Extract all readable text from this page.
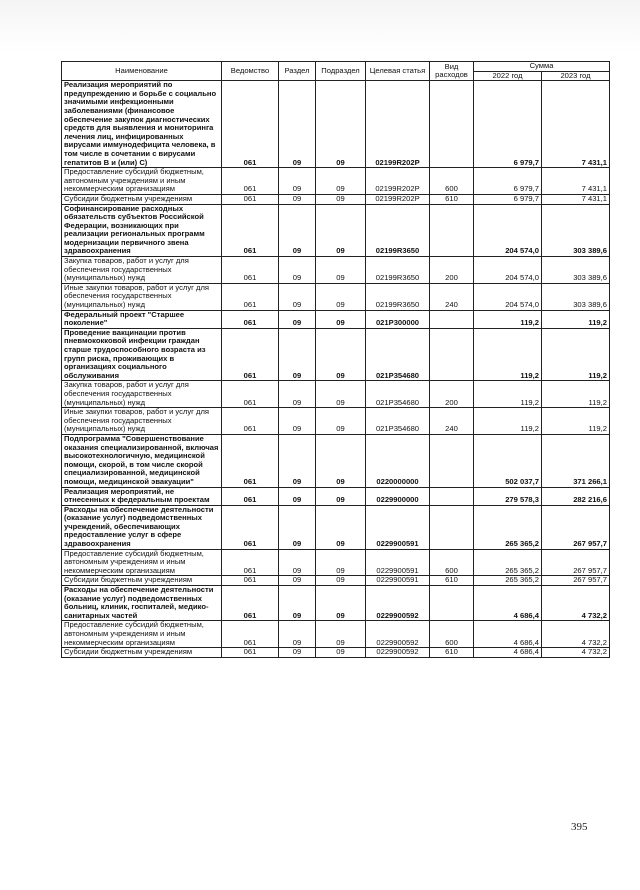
Наименование	Ведомство	Раздел	Подраздел	Целевая статья	Вид расходов	Сумма	
						2022 год	2023 год
Реализация мероприятий по предупреждению и борьбе с социально значимыми инфекционными заболеваниями (финансовое обеспечение закупок диагностических средств для выявления и мониторинга лечения лиц, инфицированных вирусами иммунодефицита человека, в том числе в сочетании с вирусами гепатитов В и (или) С)	061	09	09	02199R202P		6 979,7	7 431,1
Предоставление субсидий бюджетным, автономным учреждениям и иным некоммерческим организациям	061	09	09	02199R202P	600	6 979,7	7 431,1
Субсидии бюджетным учреждениям	061	09	09	02199R202P	610	6 979,7	7 431,1
Софинансирование расходных обязательств субъектов Российской Федерации, возникающих при реализации региональных программ модернизации первичного звена здравоохранения	061	09	09	02199R3650		204 574,0	303 389,6
Закупка товаров, работ и услуг для обеспечения государственных (муниципальных) нужд	061	09	09	02199R3650	200	204 574,0	303 389,6
Иные закупки товаров, работ и услуг для обеспечения государственных (муниципальных) нужд	061	09	09	02199R3650	240	204 574,0	303 389,6
Федеральный проект "Старшее поколение"	061	09	09	021P300000		119,2	119,2
Проведение вакцинации против пневмококковой инфекции граждан старше трудоспособного возраста из групп риска, проживающих в организациях социального обслуживания	061	09	09	021P354680		119,2	119,2
Закупка товаров, работ и услуг для обеспечения государственных (муниципальных) нужд	061	09	09	021P354680	200	119,2	119,2
Иные закупки товаров, работ и услуг для обеспечения государственных (муниципальных) нужд	061	09	09	021P354680	240	119,2	119,2
Подпрограмма "Совершенствование оказания специализированной, включая высокотехнологичную, медицинской помощи, скорой, в том числе скорой специализированной, медицинской помощи, медицинской эвакуации"	061	09	09	0220000000		502 037,7	371 266,1
Реализация мероприятий, не отнесенных к федеральным проектам	061	09	09	0229900000		279 578,3	282 216,6
Расходы на обеспечение деятельности (оказание услуг) подведомственных учреждений, обеспечивающих предоставление услуг в сфере здравоохранения	061	09	09	0229900591		265 365,2	267 957,7
Предоставление субсидий бюджетным, автономным учреждениям и иным некоммерческим организациям	061	09	09	0229900591	600	265 365,2	267 957,7
Субсидии бюджетным учреждениям	061	09	09	0229900591	610	265 365,2	267 957,7
Расходы на обеспечение деятельности (оказание услуг) подведомственных больниц, клиник, госпиталей, медико-санитарных частей	061	09	09	0229900592		4 686,4	4 732,2
Предоставление субсидий бюджетным, автономным учреждениям и иным некоммерческим организациям	061	09	09	0229900592	600	4 686,4	4 732,2
Субсидии бюджетным учреждениям	061	09	09	0229900592	610	4 686,4	4 732,2
395
